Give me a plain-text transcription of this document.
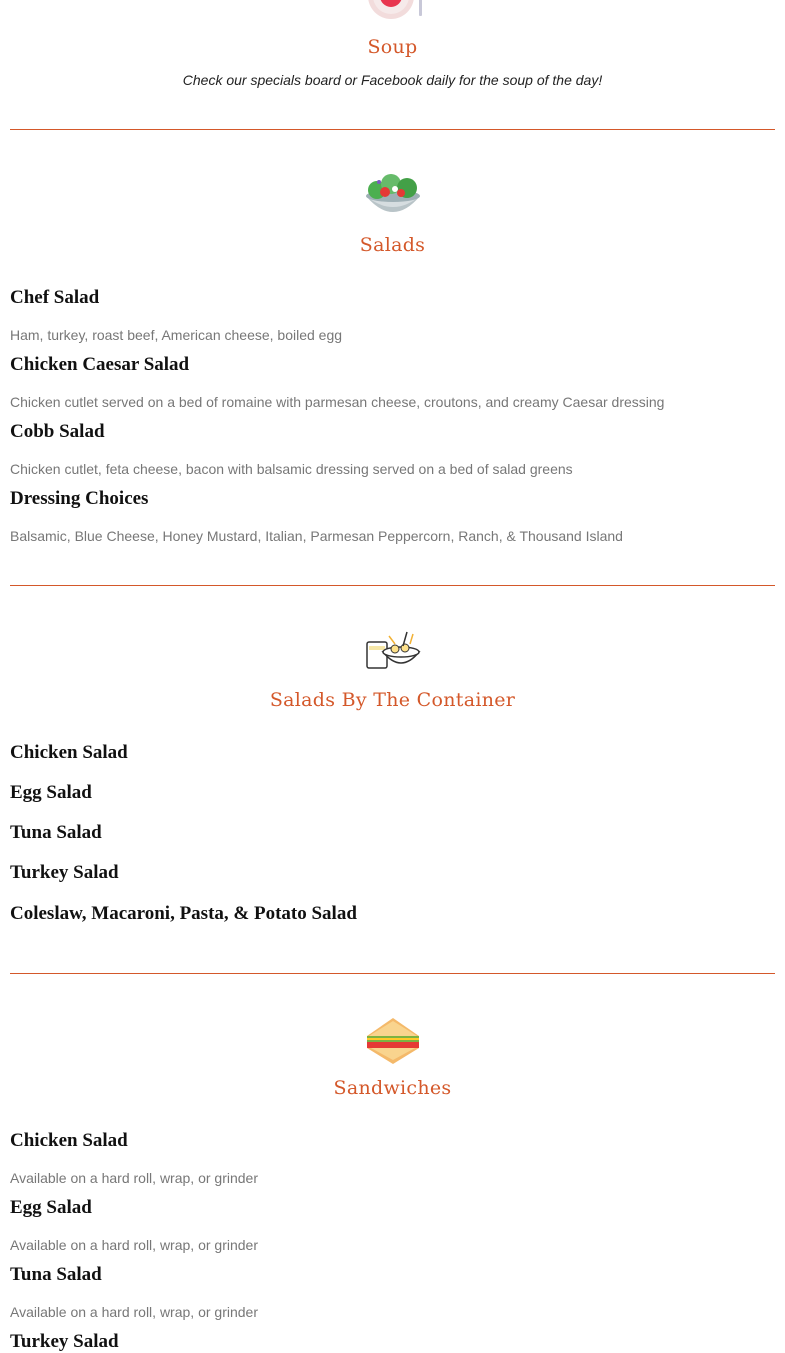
Soup
Check our specials board or Facebook daily for the soup of the day!
Salads
Chef Salad
Ham, turkey, roast beef, American cheese, boiled egg
Chicken Caesar Salad
Chicken cutlet served on a bed of romaine with parmesan cheese, croutons, and creamy Caesar dressing
Cobb Salad
Chicken cutlet, feta cheese, bacon with balsamic dressing served on a bed of salad greens
Dressing Choices
Balsamic, Blue Cheese, Honey Mustard, Italian, Parmesan Peppercorn, Ranch, & Thousand Island
Salads By The Container
Chicken Salad
Egg Salad
Tuna Salad
Turkey Salad
Coleslaw, Macaroni, Pasta, & Potato Salad
Sandwiches
Chicken Salad
Available on a hard roll, wrap, or grinder
Egg Salad
Available on a hard roll, wrap, or grinder
Tuna Salad
Available on a hard roll, wrap, or grinder
Turkey Salad
